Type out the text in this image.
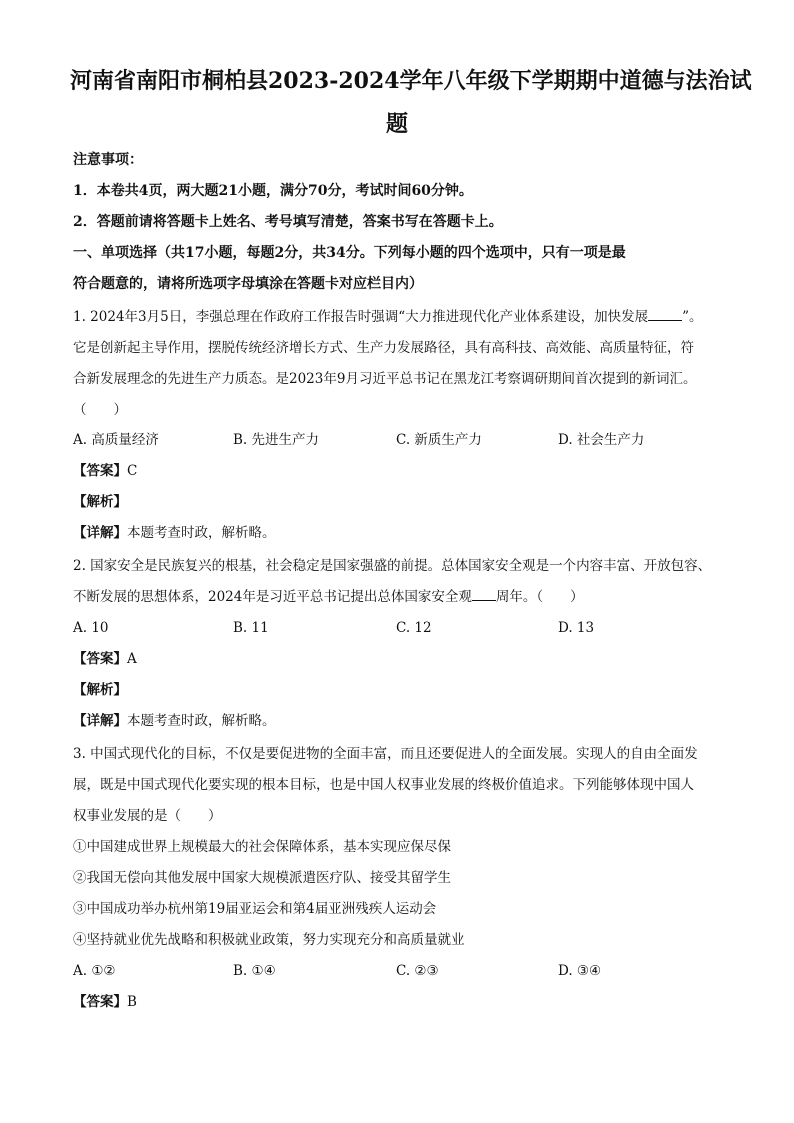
河南省南阳市桐柏县2023-2024学年八年级下学期期中道德与法治试
题
注意事项：
1．本卷共4页，两大题21小题，满分70分，考试时间60分钟。
2．答题前请将答题卡上姓名、考号填写清楚，答案书写在答题卡上。
一、单项选择（共17小题，每题2分，共34分。下列每小题的四个选项中，只有一项是最
符合题意的，请将所选项字母填涂在答题卡对应栏目内）
1. 2024年3月5日，李强总理在作政府工作报告时强调“大力推进现代化产业体系建设，加快发展	”。
它是创新起主导作用，摆脱传统经济增长方式、生产力发展路径，具有高科技、高效能、高质量特征，符
合新发展理念的先进生产力质态。是2023年9月习近平总书记在黑龙江考察调研期间首次提到的新词汇。
（　　）
A. 高质量经济	B. 先进生产力	C. 新质生产力	D. 社会生产力
【答案】C
【解析】
【详解】本题考查时政，解析略。
2. 国家安全是民族复兴的根基，社会稳定是国家强盛的前提。总体国家安全观是一个内容丰富、开放包容、
不断发展的思想体系，2024年是习近平总书记提出总体国家安全观 周年。（　　）
A. 10	B. 11	C. 12	D. 13
【答案】A
【解析】
【详解】本题考查时政，解析略。
3. 中国式现代化的目标，不仅是要促进物的全面丰富，而且还要促进人的全面发展。实现人的自由全面发
展，既是中国式现代化要实现的根本目标，也是中国人权事业发展的终极价值追求。下列能够体现中国人
权事业发展的是（　　）
①中国建成世界上规模最大的社会保障体系，基本实现应保尽保
②我国无偿向其他发展中国家大规模派遣医疗队、接受其留学生
③中国成功举办杭州第19届亚运会和第4届亚洲残疾人运动会
④坚持就业优先战略和积极就业政策，努力实现充分和高质量就业
A. ①②	B. ①④	C. ②③	D. ③④
【答案】B
